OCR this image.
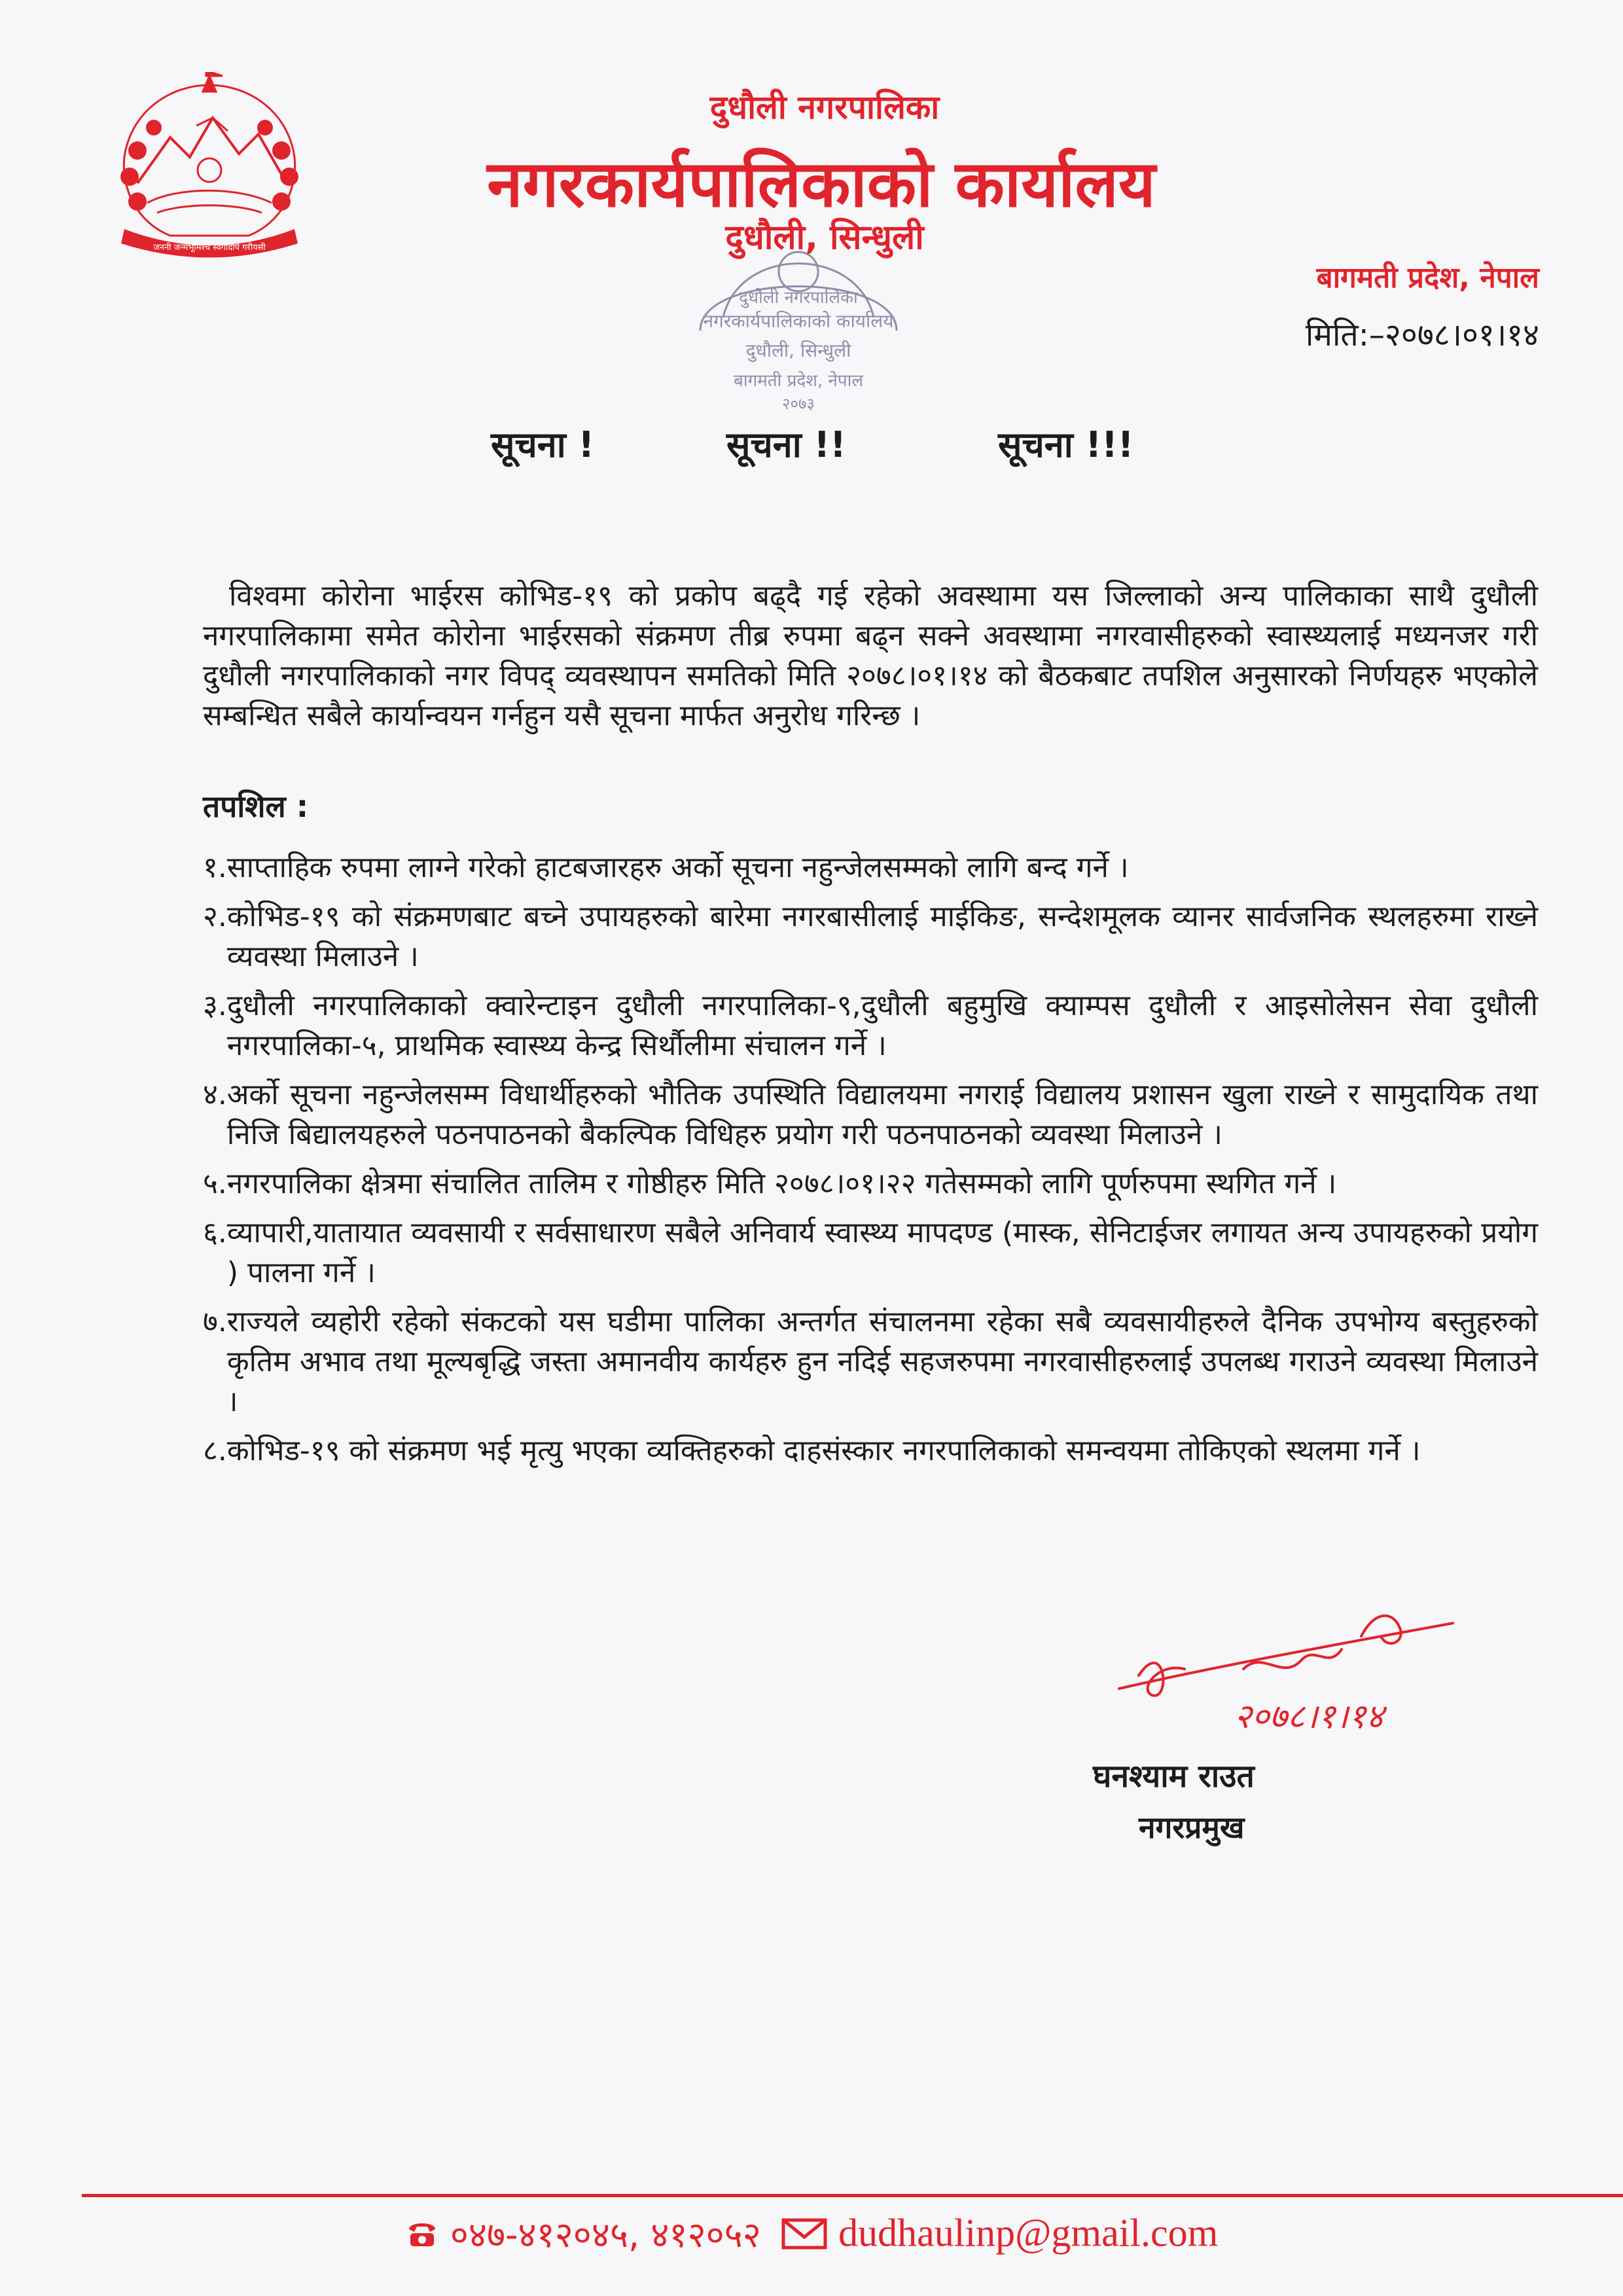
जननी जन्मभूमिश्च स्वर्गादपि गरीयसी
दुधौली नगरपालिका
नगरकार्यपालिकाको कार्यालय
दुधौली, सिन्धुली
बागमती प्रदेश, नेपाल
मिति:–२०७८।०१।१४
दुधौली नगरपालिका
नगरकार्यपालिकाको कार्यालय
दुधौली, सिन्धुली
बागमती प्रदेश, नेपाल
२०७३
सूचना !	सूचना !!	सूचना !!!

विश्वमा कोरोना भाईरस कोभिड-१९ को प्रकोप बढ्दै गई रहेको अवस्थामा यस जिल्लाको अन्य पालिकाका साथै दुधौली नगरपालिकामा समेत कोरोना भाईरसको संक्रमण तीब्र रुपमा बढ्न सक्ने अवस्थामा नगरवासीहरुको स्वास्थ्यलाई मध्यनजर गरी दुधौली नगरपालिकाको नगर विपद् व्यवस्थापन समतिको मिति २०७८।०१।१४ को बैठकबाट तपशिल अनुसारको निर्णयहरु भएकोले सम्बन्धित सबैले कार्यान्वयन गर्नहुन यसै सूचना मार्फत अनुरोध गरिन्छ ।

तपशिल :
१. साप्ताहिक रुपमा लाग्ने गरेको हाटबजारहरु अर्को सूचना नहुन्जेलसम्मको लागि बन्द गर्ने ।
२. कोभिड-१९ को संक्रमणबाट बच्ने उपायहरुको बारेमा नगरबासीलाई माईकिङ, सन्देशमूलक व्यानर सार्वजनिक स्थलहरुमा राख्ने व्यवस्था मिलाउने ।
३. दुधौली नगरपालिकाको क्वारेन्टाइन दुधौली नगरपालिका-९,दुधौली बहुमुखि क्याम्पस दुधौली र आइसोलेसन सेवा दुधौली नगरपालिका-५, प्राथमिक स्वास्थ्य केन्द्र सिर्थौलीमा संचालन गर्ने ।
४. अर्को सूचना नहुन्जेलसम्म विधार्थीहरुको भौतिक उपस्थिति विद्यालयमा नगराई विद्यालय प्रशासन खुला राख्ने र सामुदायिक तथा निजि बिद्यालयहरुले पठनपाठनको बैकल्पिक विधिहरु प्रयोग गरी पठनपाठनको व्यवस्था मिलाउने ।
५. नगरपालिका क्षेत्रमा संचालित तालिम र गोष्ठीहरु मिति २०७८।०१।२२ गतेसम्मको लागि पूर्णरुपमा स्थगित गर्ने ।
६. व्यापारी,यातायात व्यवसायी र सर्वसाधारण सबैले अनिवार्य स्वास्थ्य मापदण्ड (मास्क, सेनिटाईजर लगायत अन्य उपायहरुको प्रयोग ) पालना गर्ने ।
७. राज्यले व्यहोरी रहेको संकटको यस घडीमा पालिका अन्तर्गत संचालनमा रहेका सबै व्यवसायीहरुले दैनिक उपभोग्य बस्तुहरुको कृतिम अभाव तथा मूल्यबृद्धि जस्ता अमानवीय कार्यहरु हुन नदिई सहजरुपमा नगरवासीहरुलाई उपलब्ध गराउने व्यवस्था मिलाउने ।
८. कोभिड-१९ को संक्रमण भई मृत्यु भएका व्यक्तिहरुको दाहसंस्कार नगरपालिकाको समन्वयमा तोकिएको स्थलमा गर्ने ।
२०७८।१।१४
घनश्याम राउत
नगरप्रमुख
०४७-४१२०४५, ४१२०५२ dudhaulinp@gmail.com
